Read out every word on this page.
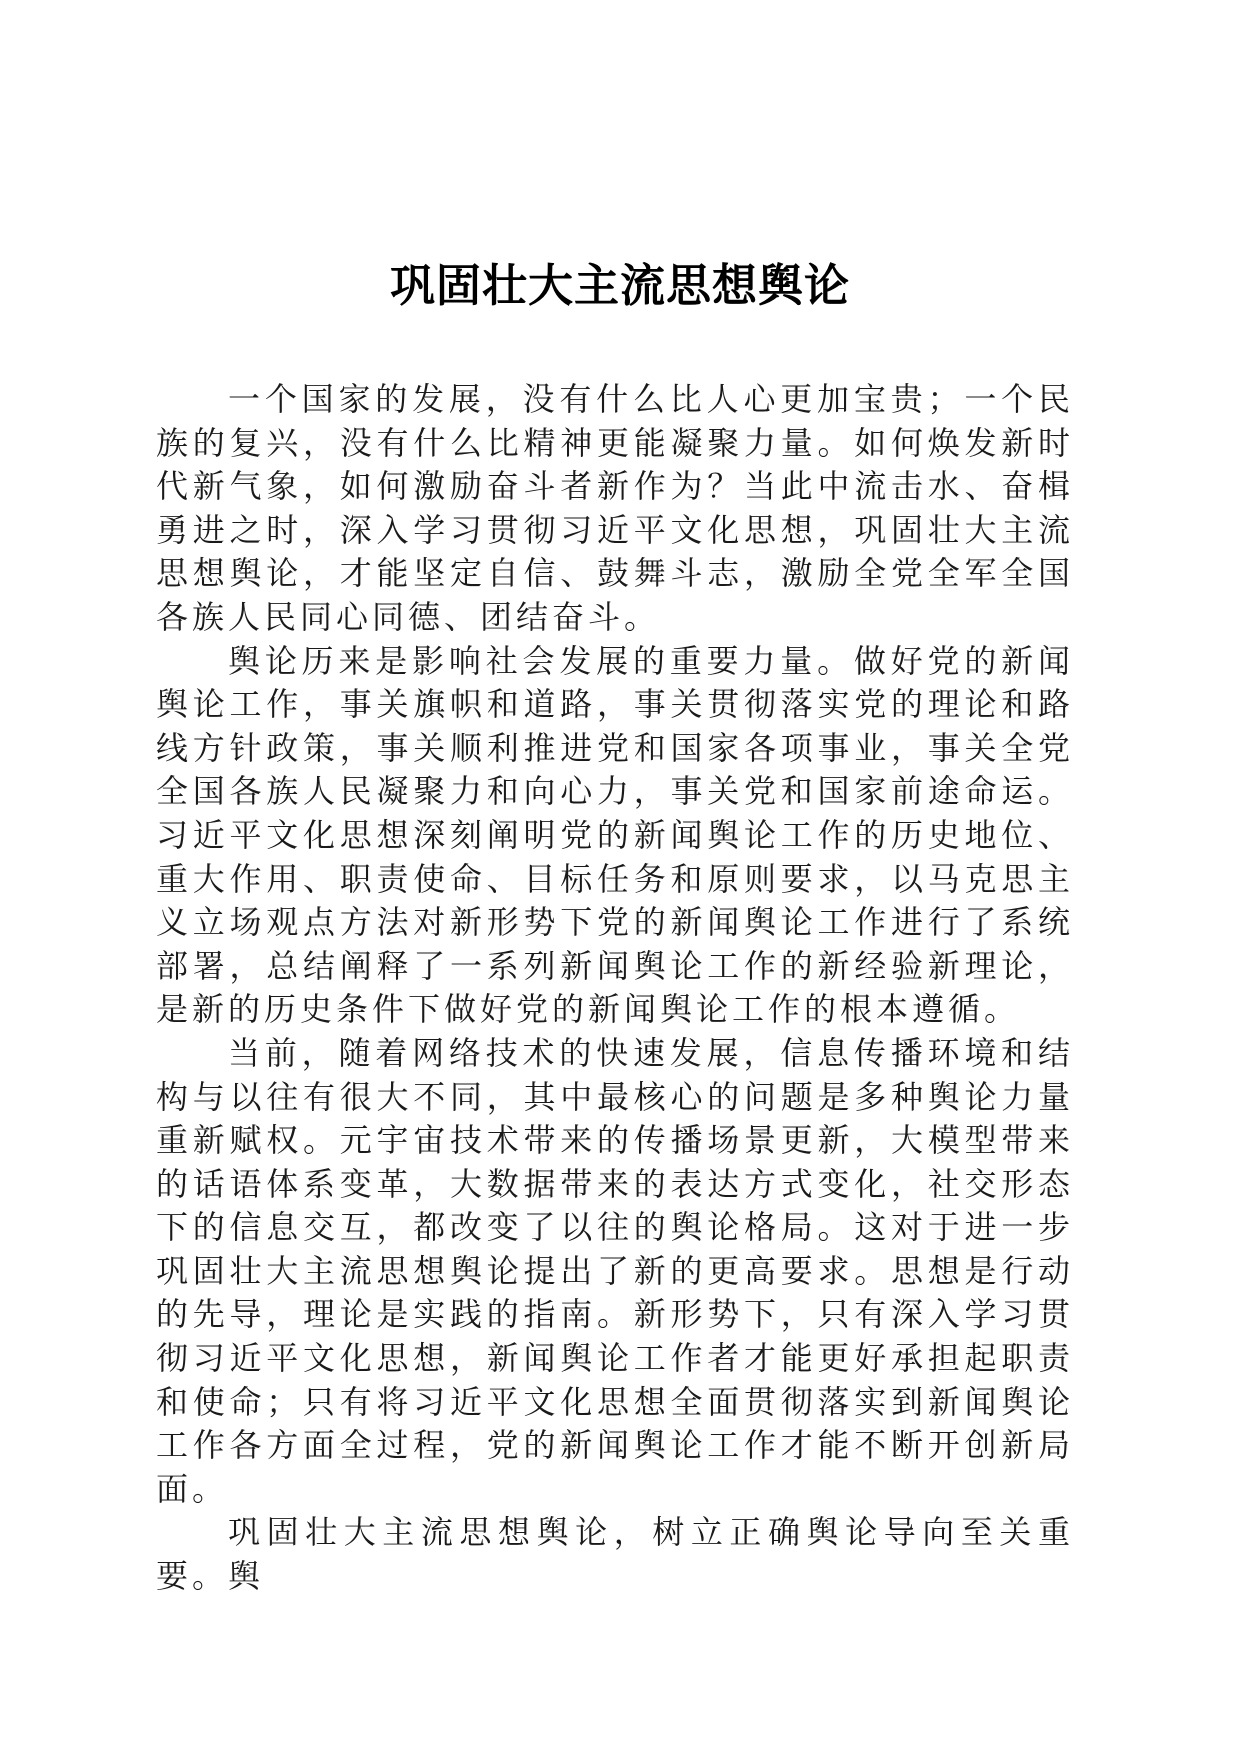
巩固壮大主流思想舆论

一个国家的发展，没有什么比人心更加宝贵；一个民族的复兴，没有什么比精神更能凝聚力量。如何焕发新时代新气象，如何激励奋斗者新作为？当此中流击水、奋楫勇进之时，深入学习贯彻习近平文化思想，巩固壮大主流思想舆论，才能坚定自信、鼓舞斗志，激励全党全军全国各族人民同心同德、团结奋斗。

舆论历来是影响社会发展的重要力量。做好党的新闻舆论工作，事关旗帜和道路，事关贯彻落实党的理论和路线方针政策，事关顺利推进党和国家各项事业，事关全党全国各族人民凝聚力和向心力，事关党和国家前途命运。习近平文化思想深刻阐明党的新闻舆论工作的历史地位、重大作用、职责使命、目标任务和原则要求，以马克思主义立场观点方法对新形势下党的新闻舆论工作进行了系统部署，总结阐释了一系列新闻舆论工作的新经验新理论，是新的历史条件下做好党的新闻舆论工作的根本遵循。

当前，随着网络技术的快速发展，信息传播环境和结构与以往有很大不同，其中最核心的问题是多种舆论力量重新赋权。元宇宙技术带来的传播场景更新，大模型带来的话语体系变革，大数据带来的表达方式变化，社交形态下的信息交互，都改变了以往的舆论格局。这对于进一步巩固壮大主流思想舆论提出了新的更高要求。思想是行动的先导，理论是实践的指南。新形势下，只有深入学习贯彻习近平文化思想，新闻舆论工作者才能更好承担起职责和使命；只有将习近平文化思想全面贯彻落实到新闻舆论工作各方面全过程，党的新闻舆论工作才能不断开创新局面。

巩固壮大主流思想舆论，树立正确舆论导向至关重要。舆
